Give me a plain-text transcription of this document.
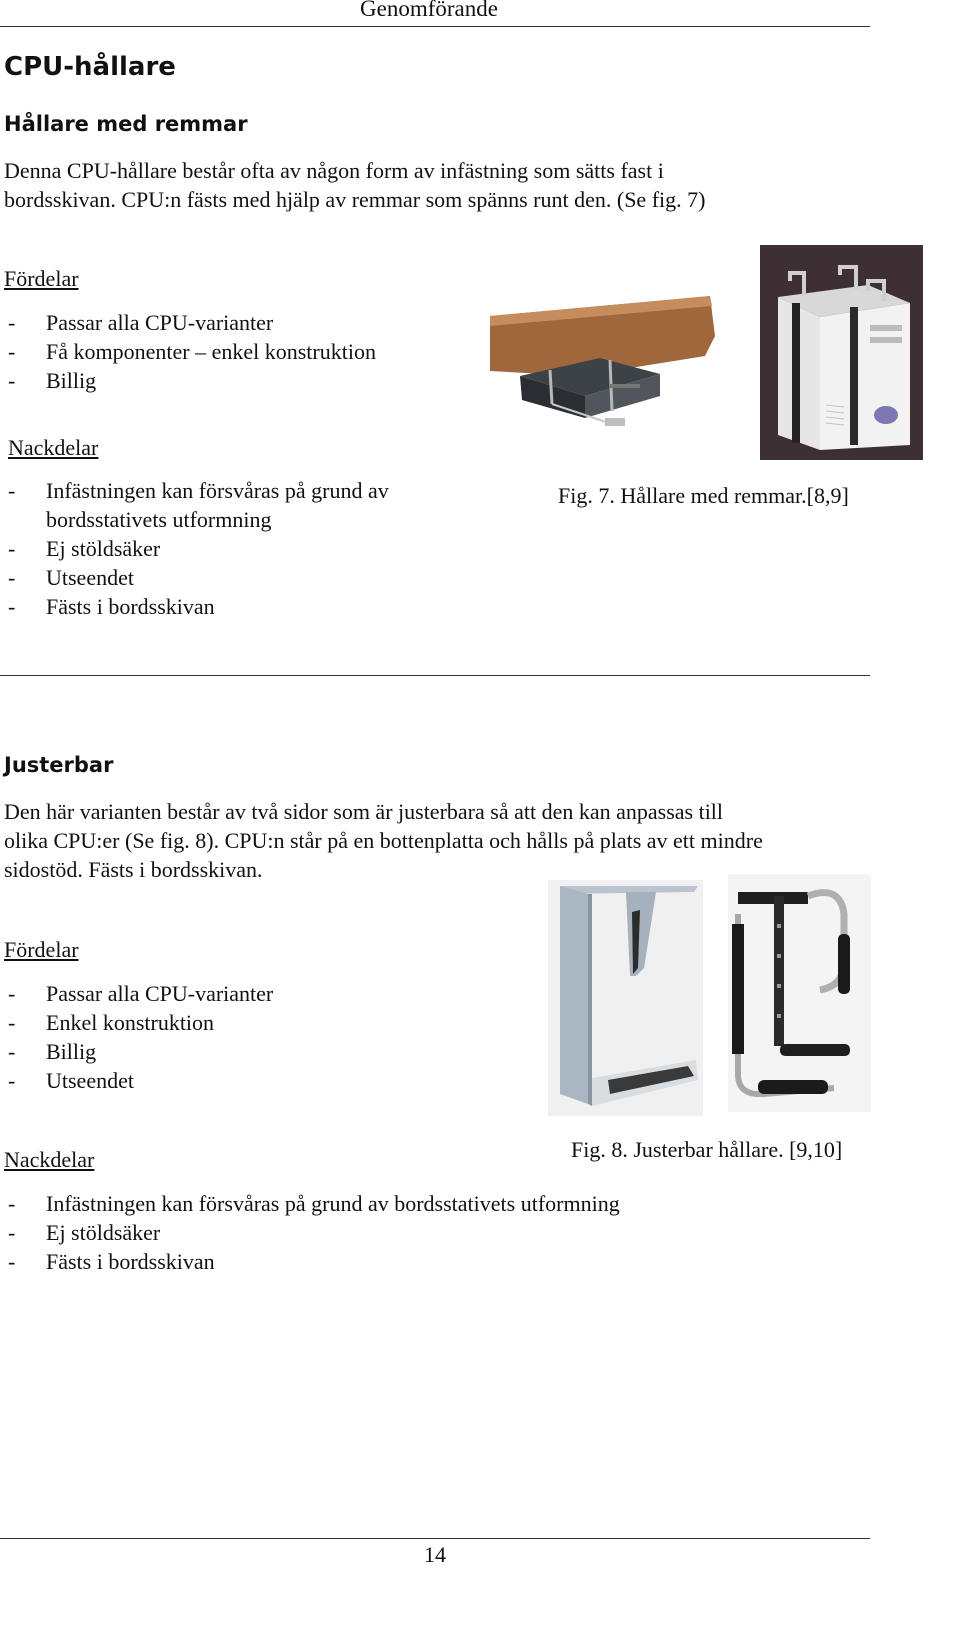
Genomförande
CPU-hållare
Hållare med remmar
Denna CPU-hållare består ofta av någon form av infästning som sätts fast i
bordsskivan. CPU:n fästs med hjälp av remmar som spänns runt den. (Se fig. 7)
Fördelar
- Passar alla CPU-varianter
- Få komponenter – enkel konstruktion
- Billig
Nackdelar
- Infästningen kan försvåras på grund av bordsstativets utformning
- Ej stöldsäker
- Utseendet
- Fästs i bordsskivan
Fig. 7. Hållare med remmar.[8,9]
Justerbar
Den här varianten består av två sidor som är justerbara så att den kan anpassas till
olika CPU:er (Se fig. 8). CPU:n står på en bottenplatta och hålls på plats av ett mindre
sidostöd. Fästs i bordsskivan.
Fördelar
- Passar alla CPU-varianter
- Enkel konstruktion
- Billig
- Utseendet
Fig. 8. Justerbar hållare. [9,10]
Nackdelar
- Infästningen kan försvåras på grund av bordsstativets utformning
- Ej stöldsäker
- Fästs i bordsskivan
14
